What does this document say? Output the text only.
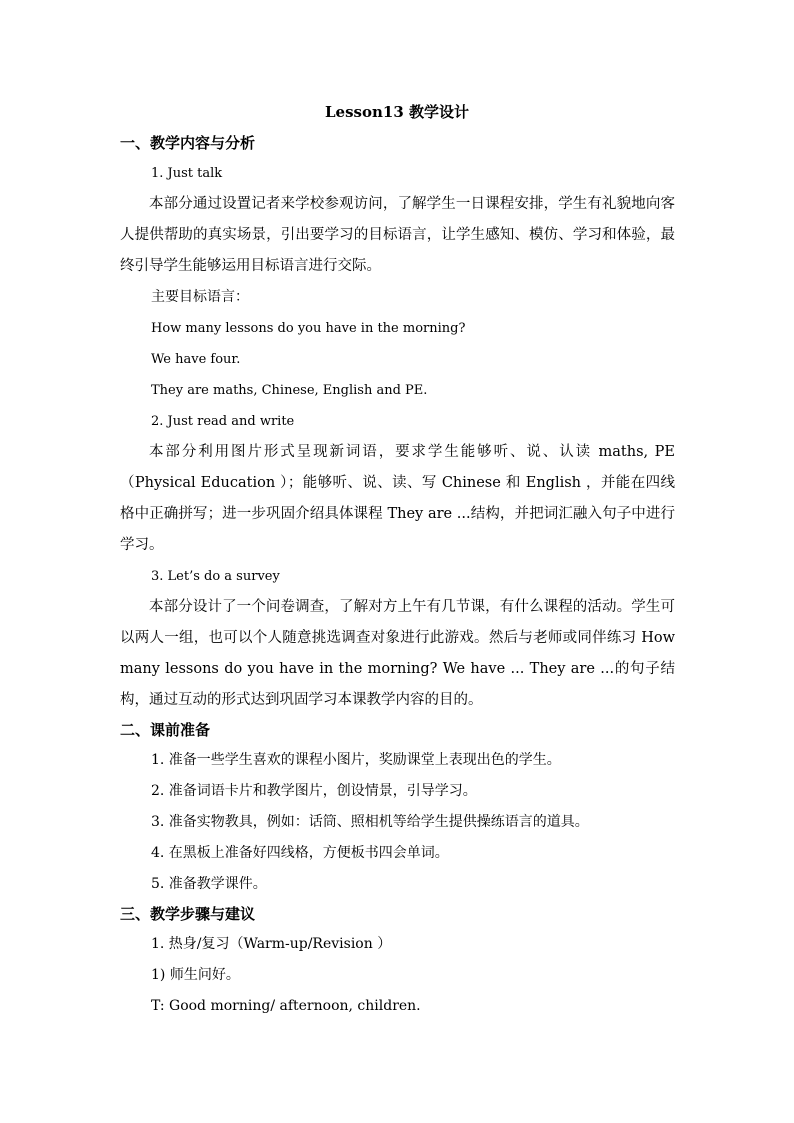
Lesson13 教学设计
一、教学内容与分析
1. Just talk

本部分通过设置记者来学校参观访问，了解学生一日课程安排，学生有礼貌地向客人提供帮助的真实场景，引出要学习的目标语言，让学生感知、模仿、学习和体验，最终引导学生能够运用目标语言进行交际。

主要目标语言：
How many lessons do you have in the morning?
We have four.
They are maths, Chinese, English and PE.
2. Just read and write

本部分利用图片形式呈现新词语，要求学生能够听、说、认读 maths, PE（Physical Education ）；能够听、说、读、写 Chinese 和 English ，并能在四线格中正确拼写；进一步巩固介绍具体课程 They are ...结构，并把词汇融入句子中进行学习。

3. Let’s do a survey

本部分设计了一个问卷调查，了解对方上午有几节课，有什么课程的活动。学生可以两人一组，也可以个人随意挑选调查对象进行此游戏。然后与老师或同伴练习 How many lessons do you have in the morning? We have ... They are ...的句子结构，通过互动的形式达到巩固学习本课教学内容的目的。

二、课前准备
1. 准备一些学生喜欢的课程小图片，奖励课堂上表现出色的学生。
2. 准备词语卡片和教学图片，创设情景，引导学习。
3. 准备实物教具，例如：话筒、照相机等给学生提供操练语言的道具。
4. 在黑板上准备好四线格，方便板书四会单词。
5. 准备教学课件。
三、教学步骤与建议
1. 热身/复习（Warm-up/Revision ）
1) 师生问好。
T: Good morning/ afternoon, children.
